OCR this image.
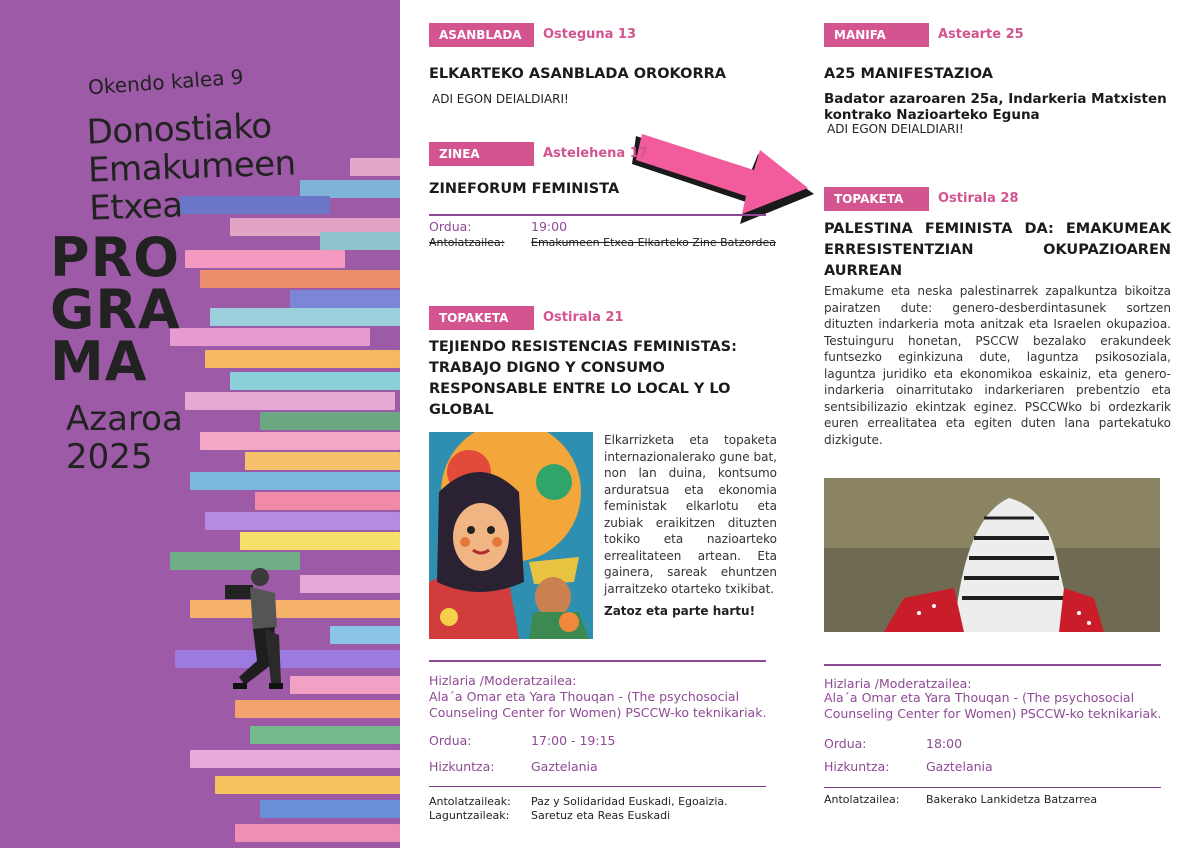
Okendo kalea 9
Donostiako
Emakumeen
Etxea
PRO
GRA
MA
Azaroa
2025
ASANBLADA	Osteguna 13
ELKARTEKO ASANBLADA OROKORRA
ADI EGON DEIALDIARI!
ZINEA	Astelehena 17
ZINEFORUM FEMINISTA
Ordua:	19:00
Antolatzailea: Emakumeen Etxea Elkarteko Zine Batzordea
TOPAKETA	Ostirala 21
TEJIENDO RESISTENCIAS FEMINISTAS: TRABAJO DIGNO Y CONSUMO RESPONSABLE ENTRE LO LOCAL Y LO GLOBAL
Elkarrizketa eta topaketa internazionalerako gune bat, non lan duina, kontsumo arduratsua eta ekonomia feministak elkarlotu eta zubiak eraikitzen dituzten tokiko eta nazioarteko errealitateen artean. Eta gainera, sareak ehuntzen jarraitzeko otarteko txikibat.
Zatoz eta parte hartu!
Hizlaria /Moderatzailea:
Ala´a Omar eta Yara Thouqan - (The psychosocial Counseling Center for Women) PSCCW-ko teknikariak.
Ordua:	17:00 - 19:15
Hizkuntza:	Gaztelania
Antolatzaileak: Paz y Solidaridad Euskadi, Egoaizia.
Laguntzaileak: Saretuz eta Reas Euskadi
MANIFA	Astearte 25
A25 MANIFESTAZIOA
Badator azaroaren 25a, Indarkeria Matxisten kontrako Nazioarteko Eguna
ADI EGON DEIALDIARI!
TOPAKETA	Ostirala 28
PALESTINA FEMINISTA DA: EMAKUMEAK ERRESISTENTZIAN OKUPAZIOAREN AURREAN
Emakume eta neska palestinarrek zapalkuntza bikoitza pairatzen dute: genero-desberdintasunek sortzen dituzten indarkeria mota anitzak eta Israelen okupazioa. Testuinguru honetan, PSCCW bezalako erakundeek funtsezko eginkizuna dute, laguntza psikosoziala, laguntza juridiko eta ekonomikoa eskainiz, eta genero-indarkeria oinarritutako indarkeriaren prebentzio eta sentsibilizazio ekintzak eginez. PSCCWko bi ordezkarik euren errealitatea eta egiten duten lana partekatuko dizkigute.
Hizlaria /Moderatzailea:
Ala´a Omar eta Yara Thouqan - (The psychosocial Counseling Center for Women) PSCCW-ko teknikariak.
Ordua:	18:00
Hizkuntza:	Gaztelania
Antolatzailea: Bakerako Lankidetza Batzarrea
